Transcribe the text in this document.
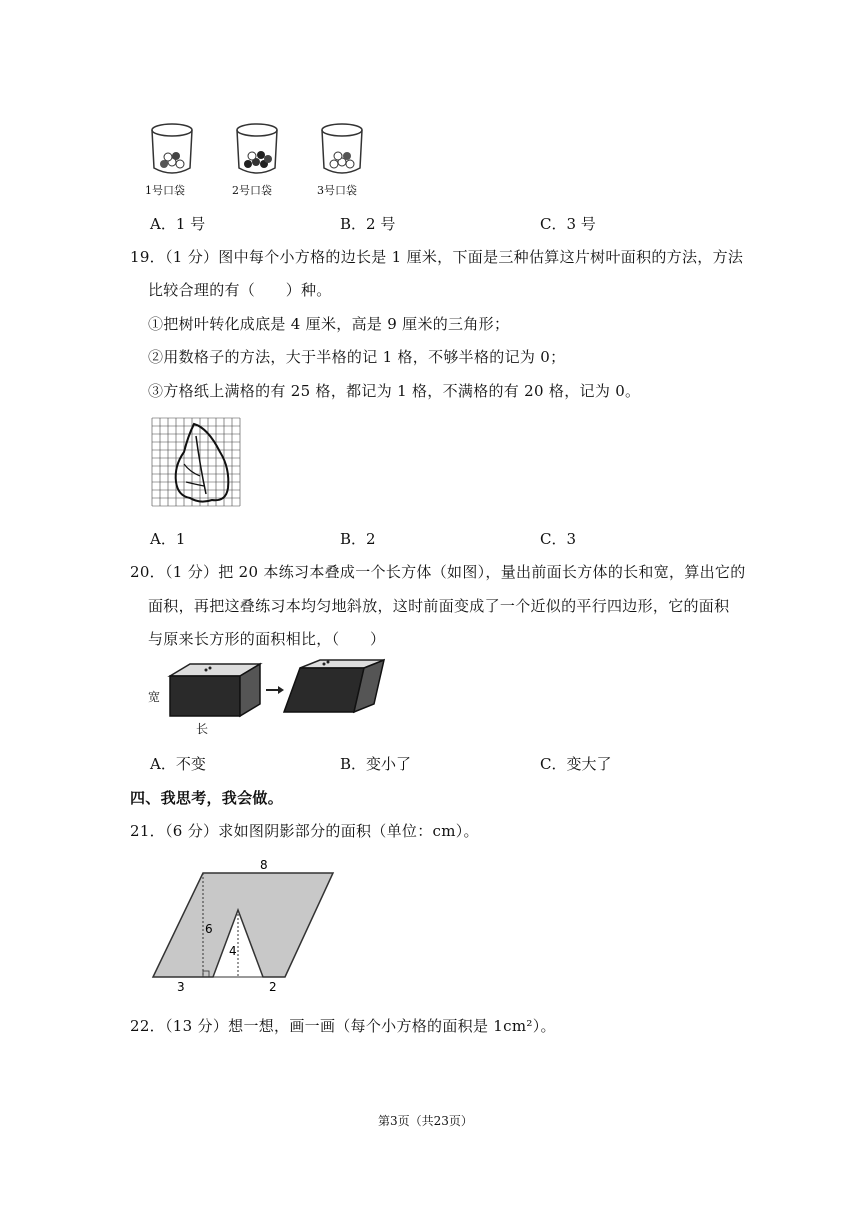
1号口袋	2号口袋	3号口袋
A．1 号	B．2 号	C．3 号
19．（1 分）图中每个小方格的边长是 1 厘米，下面是三种估算这片树叶面积的方法，方法
比较合理的有（　　）种。
①把树叶转化成底是 4 厘米，高是 9 厘米的三角形；
②用数格子的方法，大于半格的记 1 格，不够半格的记为 0；
③方格纸上满格的有 25 格，都记为 1 格，不满格的有 20 格，记为 0。
A．1	B．2	C．3
20．（1 分）把 20 本练习本叠成一个长方体（如图），量出前面长方体的长和宽，算出它的
面积，再把这叠练习本均匀地斜放，这时前面变成了一个近似的平行四边形，它的面积
与原来长方形的面积相比，（　　）
宽
长
A．不变	B．变小了	C．变大了
四、我思考，我会做。
21．（6 分）求如图阴影部分的面积（单位：cm）。
8
6
4
3	2
22．（13 分）想一想，画一画（每个小方格的面积是 1cm²）。
第3页（共23页）
